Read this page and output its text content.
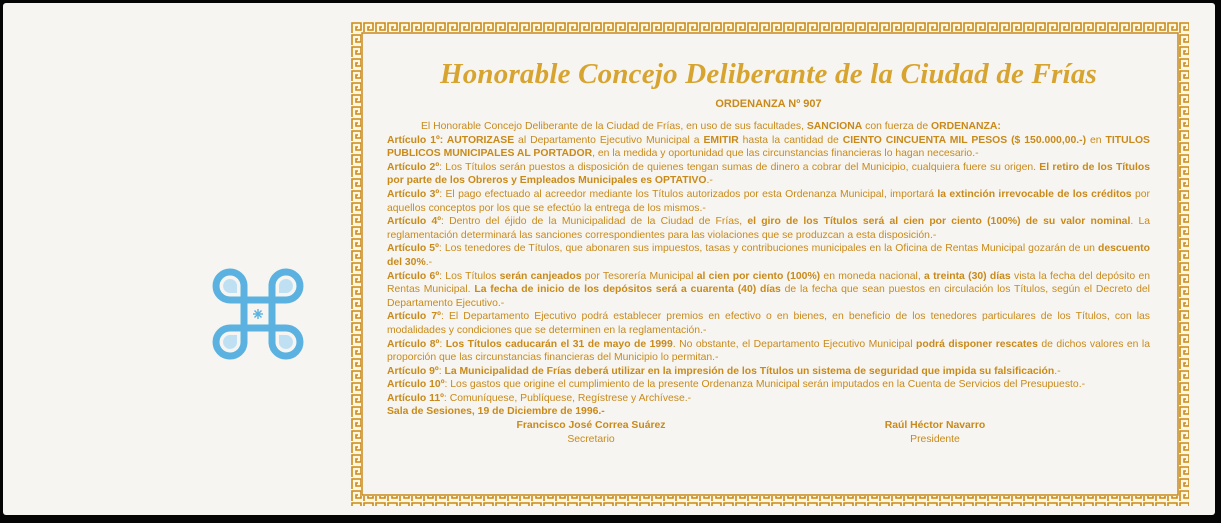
Honorable Concejo Deliberante de la Ciudad de Frías
ORDENANZA Nº 907

El Honorable Concejo Deliberante de la Ciudad de Frías, en uso de sus facultades, SANCIONA con fuerza de ORDENANZA:

Artículo 1º: AUTORIZASE al Departamento Ejecutivo Municipal a EMITIR hasta la cantidad de CIENTO CINCUENTA MIL PESOS ($ 150.000,00.-) en TITULOS PUBLICOS MUNICIPALES AL PORTADOR, en la medida y oportunidad que las circunstancias financieras lo hagan necesario.-

Artículo 2º: Los Títulos serán puestos a disposición de quienes tengan sumas de dinero a cobrar del Municipio, cualquiera fuere su origen. El retiro de los Títulos por parte de los Obreros y Empleados Municipales es OPTATIVO.-

Artículo 3º: El pago efectuado al acreedor mediante los Títulos autorizados por esta Ordenanza Municipal, importará la extinción irrevocable de los créditos por aquellos conceptos por los que se efectúo la entrega de los mismos.-

Artículo 4º: Dentro del éjido de la Municipalidad de la Ciudad de Frías, el giro de los Títulos será al cien por ciento (100%) de su valor nominal. La reglamentación determinará las sanciones correspondientes para las violaciones que se produzcan a esta disposición.-

Artículo 5º: Los tenedores de Títulos, que abonaren sus impuestos, tasas y contribuciones municipales en la Oficina de Rentas Municipal gozarán de un descuento del 30%.-

Artículo 6º: Los Títulos serán canjeados por Tesorería Municipal al cien por ciento (100%) en moneda nacional, a treinta (30) días vista la fecha del depósito en Rentas Municipal. La fecha de inicio de los depósitos será a cuarenta (40) días de la fecha que sean puestos en circulación los Títulos, según el Decreto del Departamento Ejecutivo.-

Artículo 7º: El Departamento Ejecutivo podrá establecer premios en efectivo o en bienes, en beneficio de los tenedores particulares de los Títulos, con las modalidades y condiciones que se determinen en la reglamentación.-

Artículo 8º: Los Títulos caducarán el 31 de mayo de 1999. No obstante, el Departamento Ejecutivo Municipal podrá disponer rescates de dichos valores en la proporción que las circunstancias financieras del Municipio lo permitan.-

Artículo 9º: La Municipalidad de Frías deberá utilizar en la impresión de los Títulos un sistema de seguridad que impida su falsificación.-

Artículo 10º: Los gastos que origine el cumplimiento de la presente Ordenanza Municipal serán imputados en la Cuenta de Servicios del Presupuesto.-

Artículo 11º: Comuníquese, Publíquese, Regístrese y Archívese.-

Sala de Sesiones, 19 de Diciembre de 1996.-

Francisco José Correa Suárez
Secretario
Raúl Héctor Navarro
Presidente
